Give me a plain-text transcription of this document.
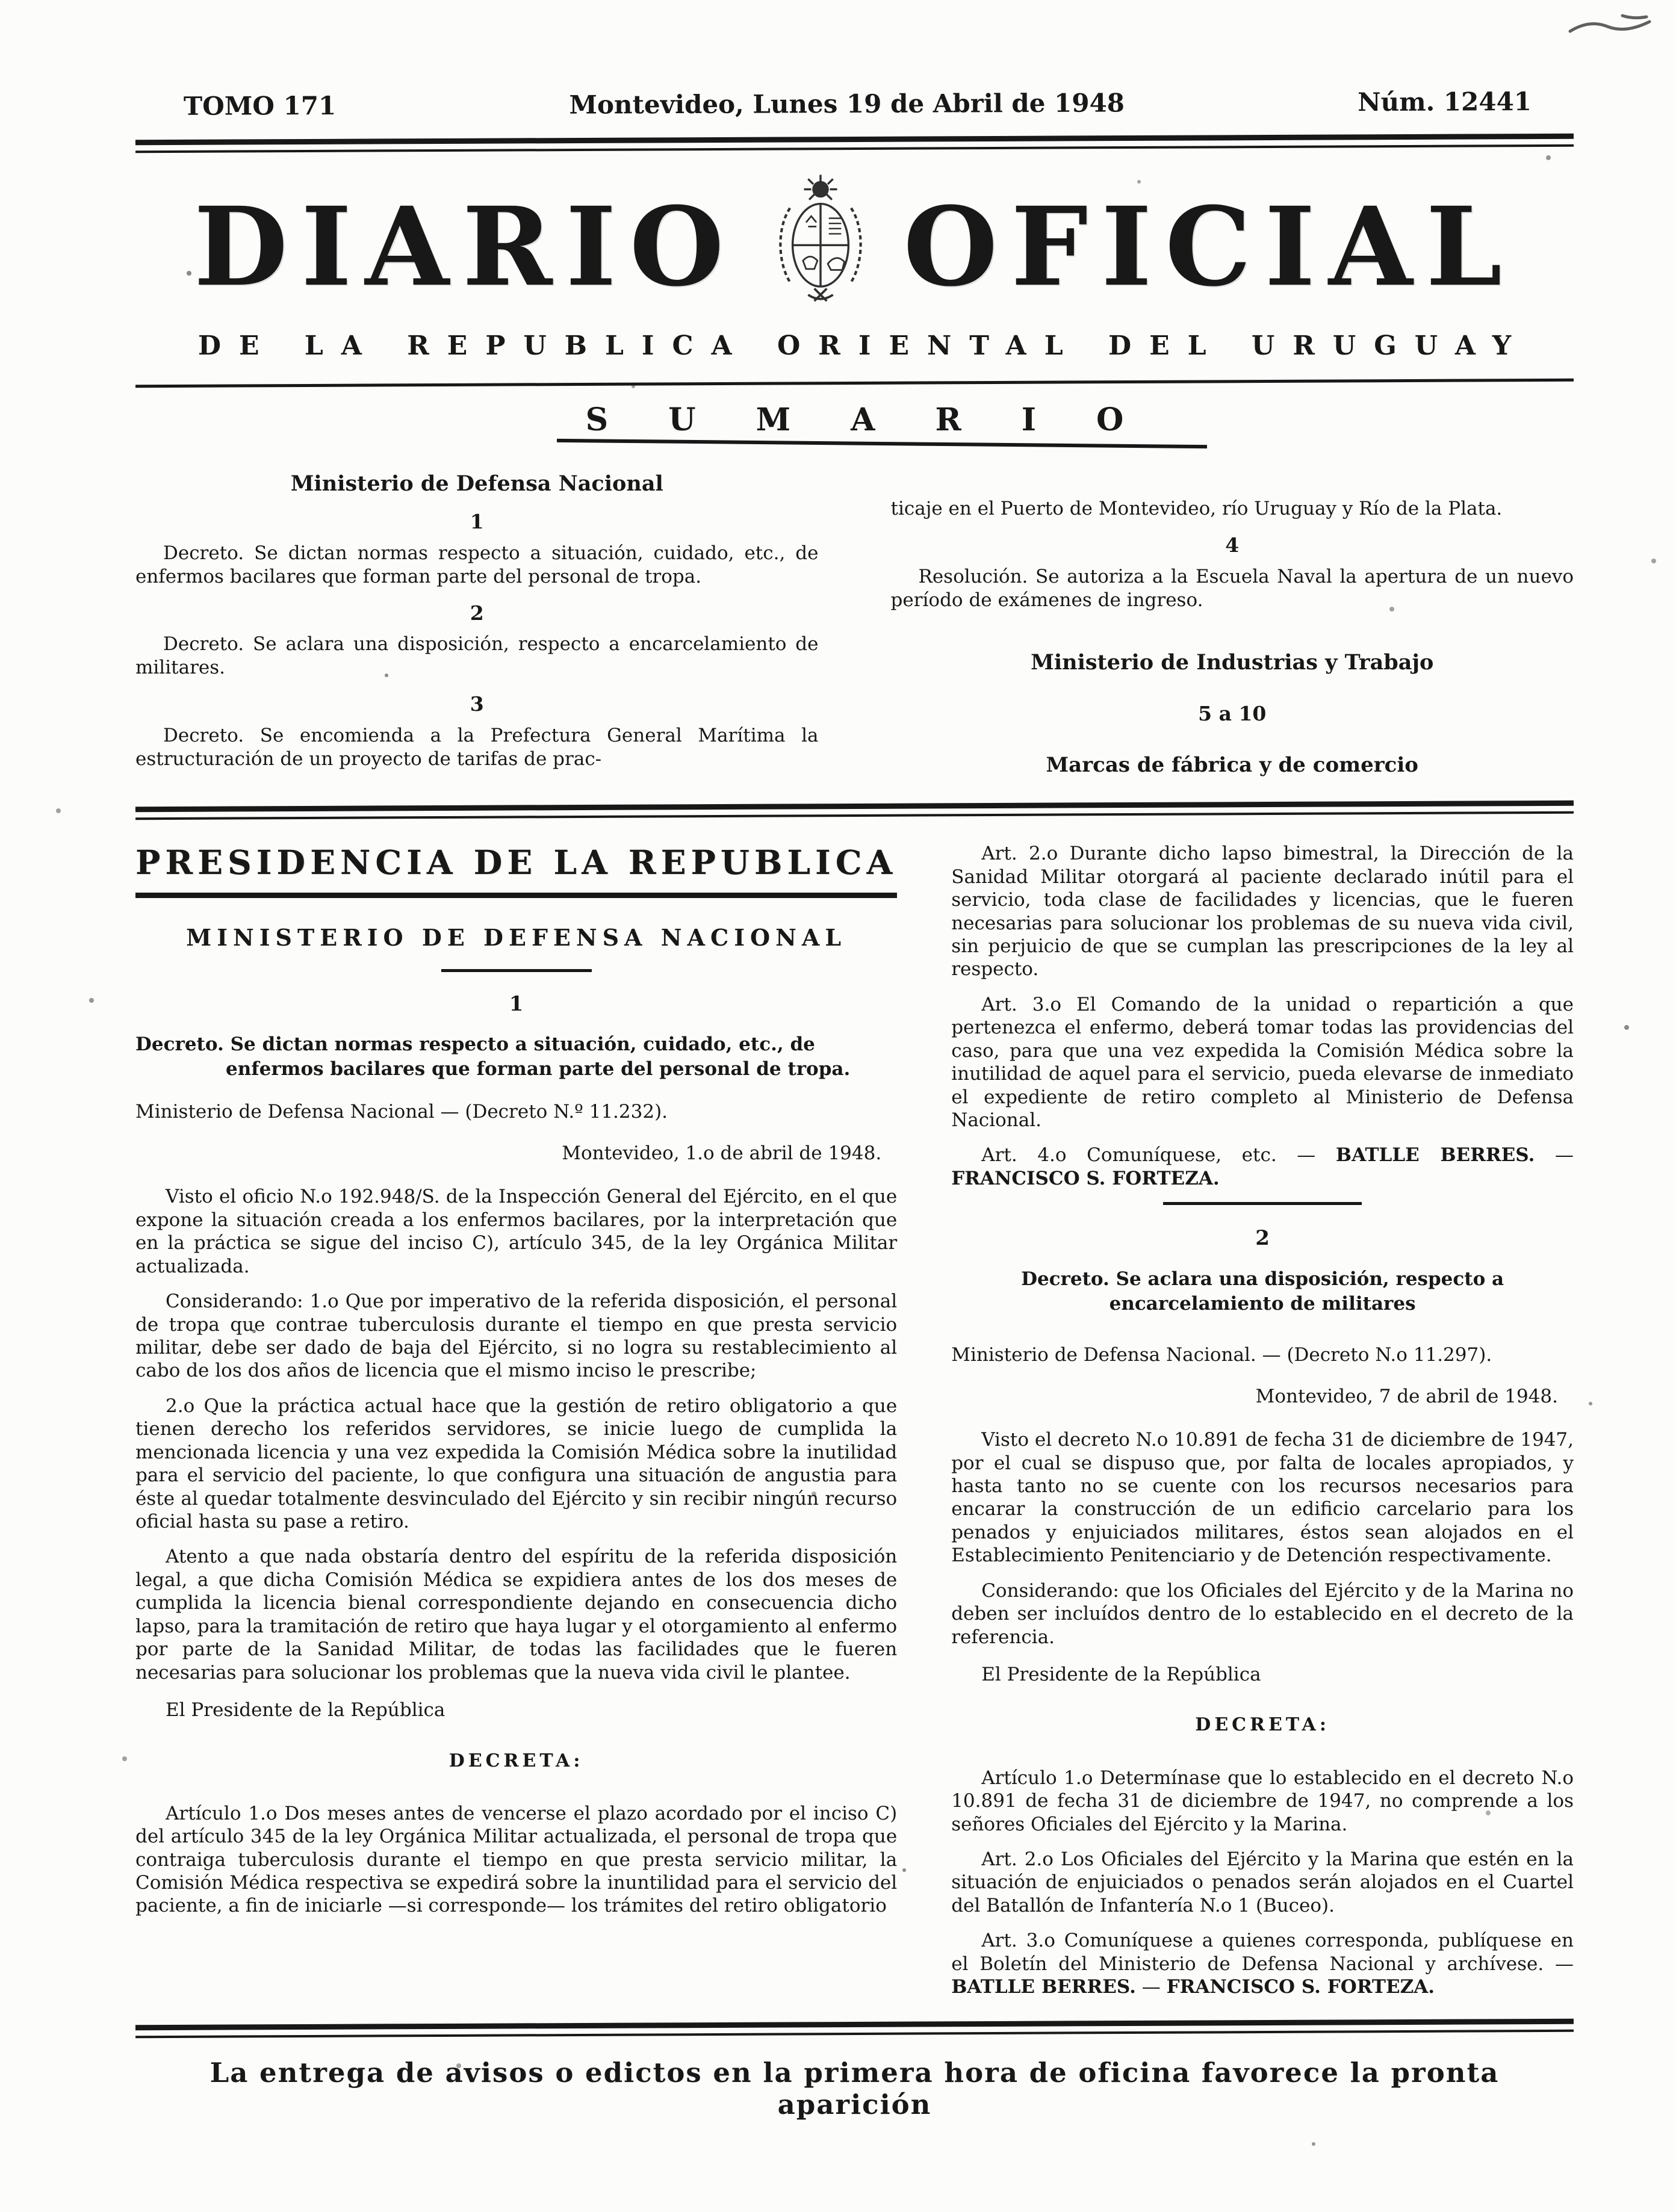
TOMO 171	Montevideo, Lunes 19 de Abril de 1948	Núm. 12441
DIARIO OFICIAL
DE LA REPUBLICA ORIENTAL DEL URUGUAY
SUMARIO
Ministerio de Defensa Nacional
1

Decreto. Se dictan normas respecto a situación, cuidado, etc., de enfermos bacilares que forman parte del personal de tropa.

2

Decreto. Se aclara una disposición, respecto a encarcelamiento de militares.

3

Decreto. Se encomienda a la Prefectura General Marítima la estructuración de un proyecto de tarifas de prac-

ticaje en el Puerto de Montevideo, río Uruguay y Río de la Plata.

4

Resolución. Se autoriza a la Escuela Naval la apertura de un nuevo período de exámenes de ingreso.

Ministerio de Industrias y Trabajo
5 a 10
Marcas de fábrica y de comercio
PRESIDENCIA DE LA REPUBLICA
MINISTERIO DE DEFENSA NACIONAL
1

Decreto. Se dictan normas respecto a situación, cuidado, etc., de enfermos bacilares que forman parte del personal de tropa.

Ministerio de Defensa Nacional — (Decreto N.º 11.232).

Montevideo, 1.o de abril de 1948.

Visto el oficio N.o 192.948/S. de la Inspección General del Ejército, en el que expone la situación creada a los enfermos bacilares, por la interpretación que en la práctica se sigue del inciso C), artículo 345, de la ley Orgánica Militar actualizada.

Considerando: 1.o Que por imperativo de la referida disposición, el personal de tropa que contrae tuberculosis durante el tiempo en que presta servicio militar, debe ser dado de baja del Ejército, si no logra su restablecimiento al cabo de los dos años de licencia que el mismo inciso le prescribe;

2.o Que la práctica actual hace que la gestión de retiro obligatorio a que tienen derecho los referidos servidores, se inicie luego de cumplida la mencionada licencia y una vez expedida la Comisión Médica sobre la inutilidad para el servicio del paciente, lo que configura una situación de angustia para éste al quedar totalmente desvinculado del Ejército y sin recibir ningún recurso oficial hasta su pase a retiro.

Atento a que nada obstaría dentro del espíritu de la referida disposición legal, a que dicha Comisión Médica se expidiera antes de los dos meses de cumplida la licencia bienal correspondiente dejando en consecuencia dicho lapso, para la tramitación de retiro que haya lugar y el otorgamiento al enfermo por parte de la Sanidad Militar, de todas las facilidades que le fueren necesarias para solucionar los problemas que la nueva vida civil le plantee.

El Presidente de la República

DECRETA:

Artículo 1.o Dos meses antes de vencerse el plazo acordado por el inciso C) del artículo 345 de la ley Orgánica Militar actualizada, el personal de tropa que contraiga tuberculosis durante el tiempo en que presta servicio militar, la Comisión Médica respectiva se expedirá sobre la inuntilidad para el servicio del paciente, a fin de iniciarle —si corresponde— los trámites del retiro obligatorio

Art. 2.o Durante dicho lapso bimestral, la Dirección de la Sanidad Militar otorgará al paciente declarado inútil para el servicio, toda clase de facilidades y licencias, que le fueren necesarias para solucionar los problemas de su nueva vida civil, sin perjuicio de que se cumplan las prescripciones de la ley al respecto.

Art. 3.o El Comando de la unidad o repartición a que pertenezca el enfermo, deberá tomar todas las providencias del caso, para que una vez expedida la Comisión Médica sobre la inutilidad de aquel para el servicio, pueda elevarse de inmediato el expediente de retiro completo al Ministerio de Defensa Nacional.

Art. 4.o Comuníquese, etc. — BATLLE BERRES. — FRANCISCO S. FORTEZA.

2

Decreto. Se aclara una disposición, respecto a encarcelamiento de militares

Ministerio de Defensa Nacional. — (Decreto N.o 11.297).

Montevideo, 7 de abril de 1948.

Visto el decreto N.o 10.891 de fecha 31 de diciembre de 1947, por el cual se dispuso que, por falta de locales apropiados, y hasta tanto no se cuente con los recursos necesarios para encarar la construcción de un edificio carcelario para los penados y enjuiciados militares, éstos sean alojados en el Establecimiento Penitenciario y de Detención respectivamente.

Considerando: que los Oficiales del Ejército y de la Marina no deben ser incluídos dentro de lo establecido en el decreto de la referencia.

El Presidente de la República

DECRETA:

Artículo 1.o Determínase que lo establecido en el decreto N.o 10.891 de fecha 31 de diciembre de 1947, no comprende a los señores Oficiales del Ejército y la Marina.

Art. 2.o Los Oficiales del Ejército y la Marina que estén en la situación de enjuiciados o penados serán alojados en el Cuartel del Batallón de Infantería N.o 1 (Buceo).

Art. 3.o Comuníquese a quienes corresponda, publíquese en el Boletín del Ministerio de Defensa Nacional y archívese. — BATLLE BERRES. — FRANCISCO S. FORTEZA.

La entrega de avisos o edictos en la primera hora de oficina favorece la pronta aparición
